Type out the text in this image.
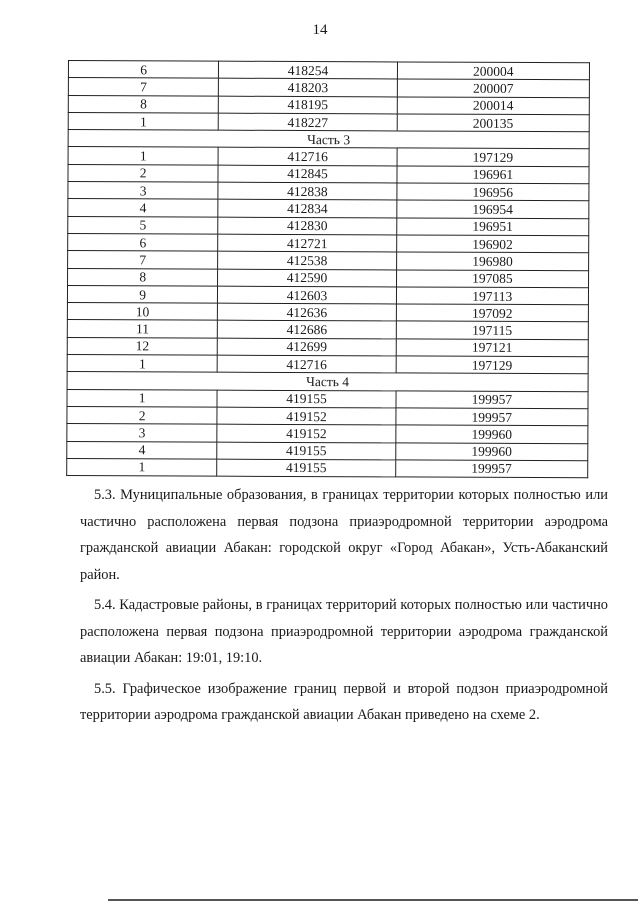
14
6	418254	200004
7	418203	200007
8	418195	200014
1	418227	200135
Часть 3		
1	412716	197129
2	412845	196961
3	412838	196956
4	412834	196954
5	412830	196951
6	412721	196902
7	412538	196980
8	412590	197085
9	412603	197113
10	412636	197092
11	412686	197115
12	412699	197121
1	412716	197129
Часть 4		
1	419155	199957
2	419152	199957
3	419152	199960
4	419155	199960
1	419155	199957

5.3. Муниципальные образования, в границах территории которых полностью или частично расположена первая подзона приаэродромной территории аэродрома гражданской авиации Абакан: городской округ «Город Абакан», Усть-Абаканский район.

5.4. Кадастровые районы, в границах территорий которых полностью или частично расположена первая подзона приаэродромной территории аэродрома гражданской авиации Абакан: 19:01, 19:10.

5.5. Графическое изображение границ первой и второй подзон приаэродромной территории аэродрома гражданской авиации Абакан приведено на схеме 2.
